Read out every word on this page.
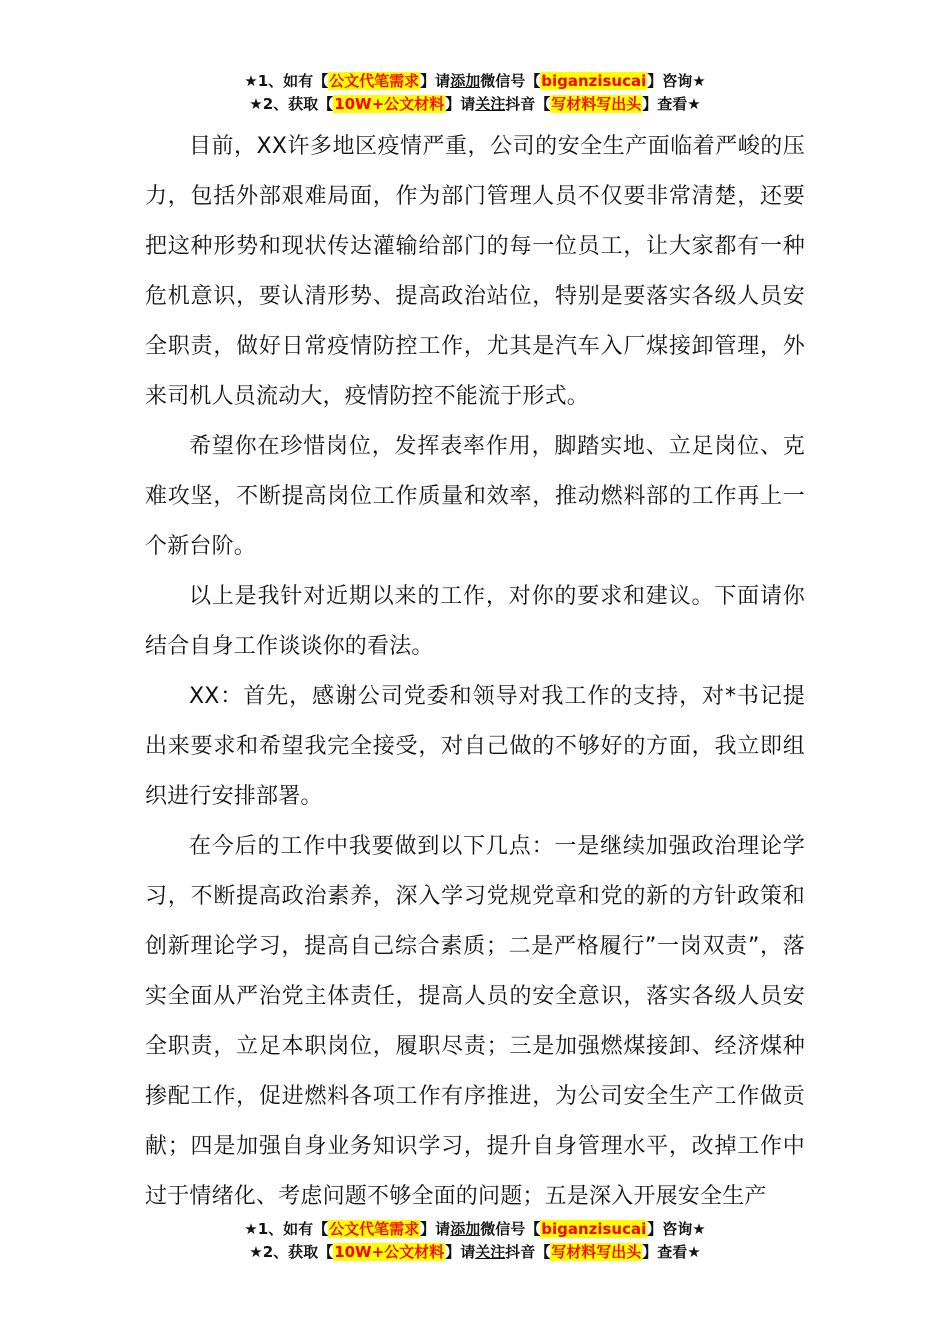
★1、如有【公文代笔需求】请添加微信号【biganzisucai】咨询★
★2、获取【10W+公文材料】请关注抖音【写材料写出头】查看★

目前，XX许多地区疫情严重，公司的安全生产面临着严峻的压力，包括外部艰难局面，作为部门管理人员不仅要非常清楚，还要把这种形势和现状传达灌输给部门的每一位员工，让大家都有一种危机意识，要认清形势、提高政治站位，特别是要落实各级人员安全职责，做好日常疫情防控工作，尤其是汽车入厂煤接卸管理，外来司机人员流动大，疫情防控不能流于形式。

希望你在珍惜岗位，发挥表率作用，脚踏实地、立足岗位、克难攻坚，不断提高岗位工作质量和效率，推动燃料部的工作再上一个新台阶。

以上是我针对近期以来的工作，对你的要求和建议。下面请你结合自身工作谈谈你的看法。

XX：首先，感谢公司党委和领导对我工作的支持，对*书记提出来要求和希望我完全接受，对自己做的不够好的方面，我立即组织进行安排部署。

在今后的工作中我要做到以下几点：一是继续加强政治理论学习，不断提高政治素养，深入学习党规党章和党的新的方针政策和创新理论学习，提高自己综合素质；二是严格履行”一岗双责”，落实全面从严治党主体责任，提高人员的安全意识，落实各级人员安全职责，立足本职岗位，履职尽责；三是加强燃煤接卸、经济煤种掺配工作，促进燃料各项工作有序推进，为公司安全生产工作做贡献；四是加强自身业务知识学习，提升自身管理水平，改掉工作中过于情绪化、考虑问题不够全面的问题；五是深入开展安全生产

★1、如有【公文代笔需求】请添加微信号【biganzisucai】咨询★
★2、获取【10W+公文材料】请关注抖音【写材料写出头】查看★
